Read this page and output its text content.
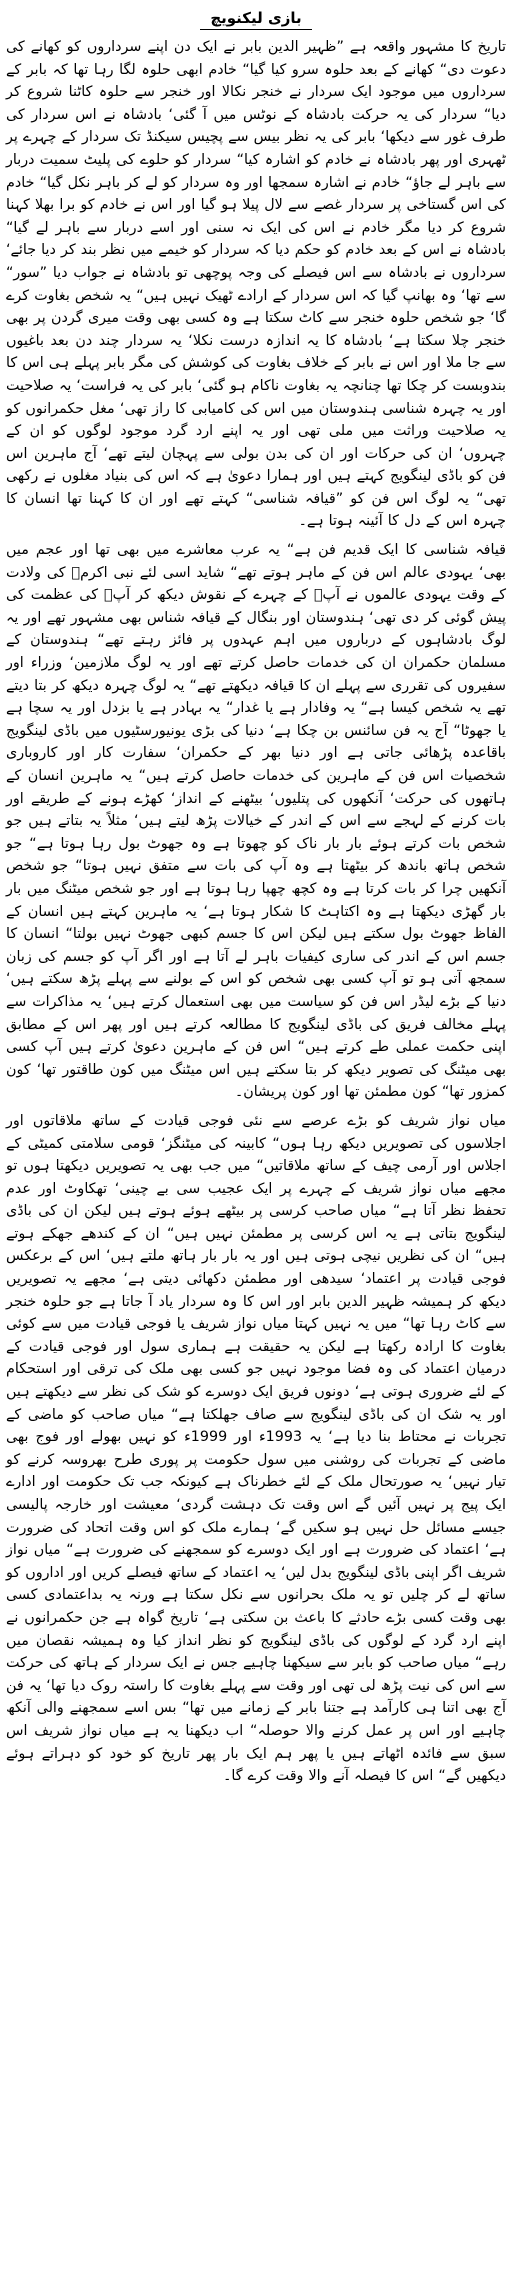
بازی لیکنویچ

تاریخ کا مشہور واقعہ ہے ”ظہیر الدین بابر نے ایک دن اپنے سرداروں کو کھانے کی دعوت دی“ کھانے کے بعد حلوہ سرو کیا گیا“ خادم ابھی حلوہ لگا رہا تھا کہ بابر کے سرداروں میں موجود ایک سردار نے خنجر نکالا اور خنجر سے حلوہ کاٹنا شروع کر دیا“ سردار کی یہ حرکت بادشاہ کے نوٹس میں آ گئی‘ بادشاہ نے اس سردار کی طرف غور سے دیکھا‘ بابر کی یہ نظر بیس سے پچیس سیکنڈ تک سردار کے چہرے پر ٹھہری اور پھر بادشاہ نے خادم کو اشارہ کیا“ سردار کو حلوے کی پلیٹ سمیت دربار سے باہر لے جاؤ“ خادم نے اشارہ سمجھا اور وہ سردار کو لے کر باہر نکل گیا“ خادم کی اس گستاخی پر سردار غصے سے لال پیلا ہو گیا اور اس نے خادم کو برا بھلا کہنا شروع کر دیا مگر خادم نے اس کی ایک نہ سنی اور اسے دربار سے باہر لے گیا“ بادشاہ نے اس کے بعد خادم کو حکم دیا کہ سردار کو خیمے میں نظر بند کر دیا جائے‘ سرداروں نے بادشاہ سے اس فیصلے کی وجہ پوچھی تو بادشاہ نے جواب دیا ”سور“ سے تھا‘ وہ بھانپ گیا کہ اس سردار کے ارادے ٹھیک نہیں ہیں“ یہ شخص بغاوت کرے گا‘ جو شخص حلوہ خنجر سے کاٹ سکتا ہے وہ کسی بھی وقت میری گردن پر بھی خنجر چلا سکتا ہے‘ بادشاہ کا یہ اندازہ درست نکلا‘ یہ سردار چند دن بعد باغیوں سے جا ملا اور اس نے بابر کے خلاف بغاوت کی کوشش کی مگر بابر پہلے ہی اس کا بندوبست کر چکا تھا چنانچہ یہ بغاوت ناکام ہو گئی‘ بابر کی یہ فراست‘ یہ صلاحیت اور یہ چہرہ شناسی ہندوستان میں اس کی کامیابی کا راز تھی‘ مغل حکمرانوں کو یہ صلاحیت وراثت میں ملی تھی اور یہ اپنے ارد گرد موجود لوگوں کو ان کے چہروں‘ ان کی حرکات اور ان کی بدن بولی سے پہچان لیتے تھے‘ آج ماہرین اس فن کو باڈی لینگویج کہتے ہیں اور ہمارا دعویٰ ہے کہ اس کی بنیاد مغلوں نے رکھی تھی“ یہ لوگ اس فن کو ”قیافہ شناسی“ کہتے تھے اور ان کا کہنا تھا انسان کا چہرہ اس کے دل کا آئینہ ہوتا ہے۔

قیافہ شناسی کا ایک قدیم فن ہے“ یہ عرب معاشرے میں بھی تھا اور عجم میں بھی‘ یہودی عالم اس فن کے ماہر ہوتے تھے“ شاید اسی لئے نبی اکرمؐ کی ولادت کے وقت یہودی عالموں نے آپؐ کے چہرے کے نقوش دیکھ کر آپؐ کی عظمت کی پیش گوئی کر دی تھی‘ ہندوستان اور بنگال کے قیافہ شناس بھی مشہور تھے اور یہ لوگ بادشاہوں کے درباروں میں اہم عہدوں پر فائز رہتے تھے“ ہندوستان کے مسلمان حکمران ان کی خدمات حاصل کرتے تھے اور یہ لوگ ملازمین‘ وزراء اور سفیروں کی تقرری سے پہلے ان کا قیافہ دیکھتے تھے“ یہ لوگ چہرہ دیکھ کر بتا دیتے تھے یہ شخص کیسا ہے“ یہ وفادار ہے یا غدار“ یہ بہادر ہے یا بزدل اور یہ سچا ہے یا جھوٹا“ آج یہ فن سائنس بن چکا ہے‘ دنیا کی بڑی یونیورسٹیوں میں باڈی لینگویج باقاعدہ پڑھائی جاتی ہے اور دنیا بھر کے حکمران‘ سفارت کار اور کاروباری شخصیات اس فن کے ماہرین کی خدمات حاصل کرتے ہیں“ یہ ماہرین انسان کے ہاتھوں کی حرکت‘ آنکھوں کی پتلیوں‘ بیٹھنے کے انداز‘ کھڑے ہونے کے طریقے اور بات کرنے کے لہجے سے اس کے اندر کے خیالات پڑھ لیتے ہیں‘ مثلاً یہ بتاتے ہیں جو شخص بات کرتے ہوئے بار بار ناک کو چھوتا ہے وہ جھوٹ بول رہا ہوتا ہے“ جو شخص ہاتھ باندھ کر بیٹھتا ہے وہ آپ کی بات سے متفق نہیں ہوتا“ جو شخص آنکھیں چرا کر بات کرتا ہے وہ کچھ چھپا رہا ہوتا ہے اور جو شخص میٹنگ میں بار بار گھڑی دیکھتا ہے وہ اکتاہٹ کا شکار ہوتا ہے‘ یہ ماہرین کہتے ہیں انسان کے الفاظ جھوٹ بول سکتے ہیں لیکن اس کا جسم کبھی جھوٹ نہیں بولتا“ انسان کا جسم اس کے اندر کی ساری کیفیات باہر لے آتا ہے اور اگر آپ کو جسم کی زبان سمجھ آتی ہو تو آپ کسی بھی شخص کو اس کے بولنے سے پہلے پڑھ سکتے ہیں‘ دنیا کے بڑے لیڈر اس فن کو سیاست میں بھی استعمال کرتے ہیں‘ یہ مذاکرات سے پہلے مخالف فریق کی باڈی لینگویج کا مطالعہ کرتے ہیں اور پھر اس کے مطابق اپنی حکمت عملی طے کرتے ہیں“ اس فن کے ماہرین دعویٰ کرتے ہیں آپ کسی بھی میٹنگ کی تصویر دیکھ کر بتا سکتے ہیں اس میٹنگ میں کون طاقتور تھا‘ کون کمزور تھا“ کون مطمئن تھا اور کون پریشان۔

میاں نواز شریف کو بڑے عرصے سے نئی فوجی قیادت کے ساتھ ملاقاتوں اور اجلاسوں کی تصویریں دیکھ رہا ہوں“ کابینہ کی میٹنگز‘ قومی سلامتی کمیٹی کے اجلاس اور آرمی چیف کے ساتھ ملاقاتیں“ میں جب بھی یہ تصویریں دیکھتا ہوں تو مجھے میاں نواز شریف کے چہرے پر ایک عجیب سی بے چینی‘ تھکاوٹ اور عدم تحفظ نظر آتا ہے“ میاں صاحب کرسی پر بیٹھے ہوئے ہوتے ہیں لیکن ان کی باڈی لینگویج بتاتی ہے یہ اس کرسی پر مطمئن نہیں ہیں“ ان کے کندھے جھکے ہوتے ہیں“ ان کی نظریں نیچی ہوتی ہیں اور یہ بار بار ہاتھ ملتے ہیں‘ اس کے برعکس فوجی قیادت پر اعتماد‘ سیدھی اور مطمئن دکھائی دیتی ہے‘ مجھے یہ تصویریں دیکھ کر ہمیشہ ظہیر الدین بابر اور اس کا وہ سردار یاد آ جاتا ہے جو حلوہ خنجر سے کاٹ رہا تھا“ میں یہ نہیں کہتا میاں نواز شریف یا فوجی قیادت میں سے کوئی بغاوت کا ارادہ رکھتا ہے لیکن یہ حقیقت ہے ہماری سول اور فوجی قیادت کے درمیان اعتماد کی وہ فضا موجود نہیں جو کسی بھی ملک کی ترقی اور استحکام کے لئے ضروری ہوتی ہے‘ دونوں فریق ایک دوسرے کو شک کی نظر سے دیکھتے ہیں اور یہ شک ان کی باڈی لینگویج سے صاف جھلکتا ہے“ میاں صاحب کو ماضی کے تجربات نے محتاط بنا دیا ہے‘ یہ 1993ء اور 1999ء کو نہیں بھولے اور فوج بھی ماضی کے تجربات کی روشنی میں سول حکومت پر پوری طرح بھروسہ کرنے کو تیار نہیں‘ یہ صورتحال ملک کے لئے خطرناک ہے کیونکہ جب تک حکومت اور ادارے ایک پیج پر نہیں آئیں گے اس وقت تک دہشت گردی‘ معیشت اور خارجہ پالیسی جیسے مسائل حل نہیں ہو سکیں گے‘ ہمارے ملک کو اس وقت اتحاد کی ضرورت ہے‘ اعتماد کی ضرورت ہے اور ایک دوسرے کو سمجھنے کی ضرورت ہے“ میاں نواز شریف اگر اپنی باڈی لینگویج بدل لیں‘ یہ اعتماد کے ساتھ فیصلے کریں اور اداروں کو ساتھ لے کر چلیں تو یہ ملک بحرانوں سے نکل سکتا ہے ورنہ یہ بداعتمادی کسی بھی وقت کسی بڑے حادثے کا باعث بن سکتی ہے‘ تاریخ گواہ ہے جن حکمرانوں نے اپنے ارد گرد کے لوگوں کی باڈی لینگویج کو نظر انداز کیا وہ ہمیشہ نقصان میں رہے“ میاں صاحب کو بابر سے سیکھنا چاہیے جس نے ایک سردار کے ہاتھ کی حرکت سے اس کی نیت پڑھ لی تھی اور وقت سے پہلے بغاوت کا راستہ روک دیا تھا‘ یہ فن آج بھی اتنا ہی کارآمد ہے جتنا بابر کے زمانے میں تھا“ بس اسے سمجھنے والی آنکھ چاہیے اور اس پر عمل کرنے والا حوصلہ“ اب دیکھنا یہ ہے میاں نواز شریف اس سبق سے فائدہ اٹھاتے ہیں یا پھر ہم ایک بار پھر تاریخ کو خود کو دہراتے ہوئے دیکھیں گے“ اس کا فیصلہ آنے والا وقت کرے گا۔
